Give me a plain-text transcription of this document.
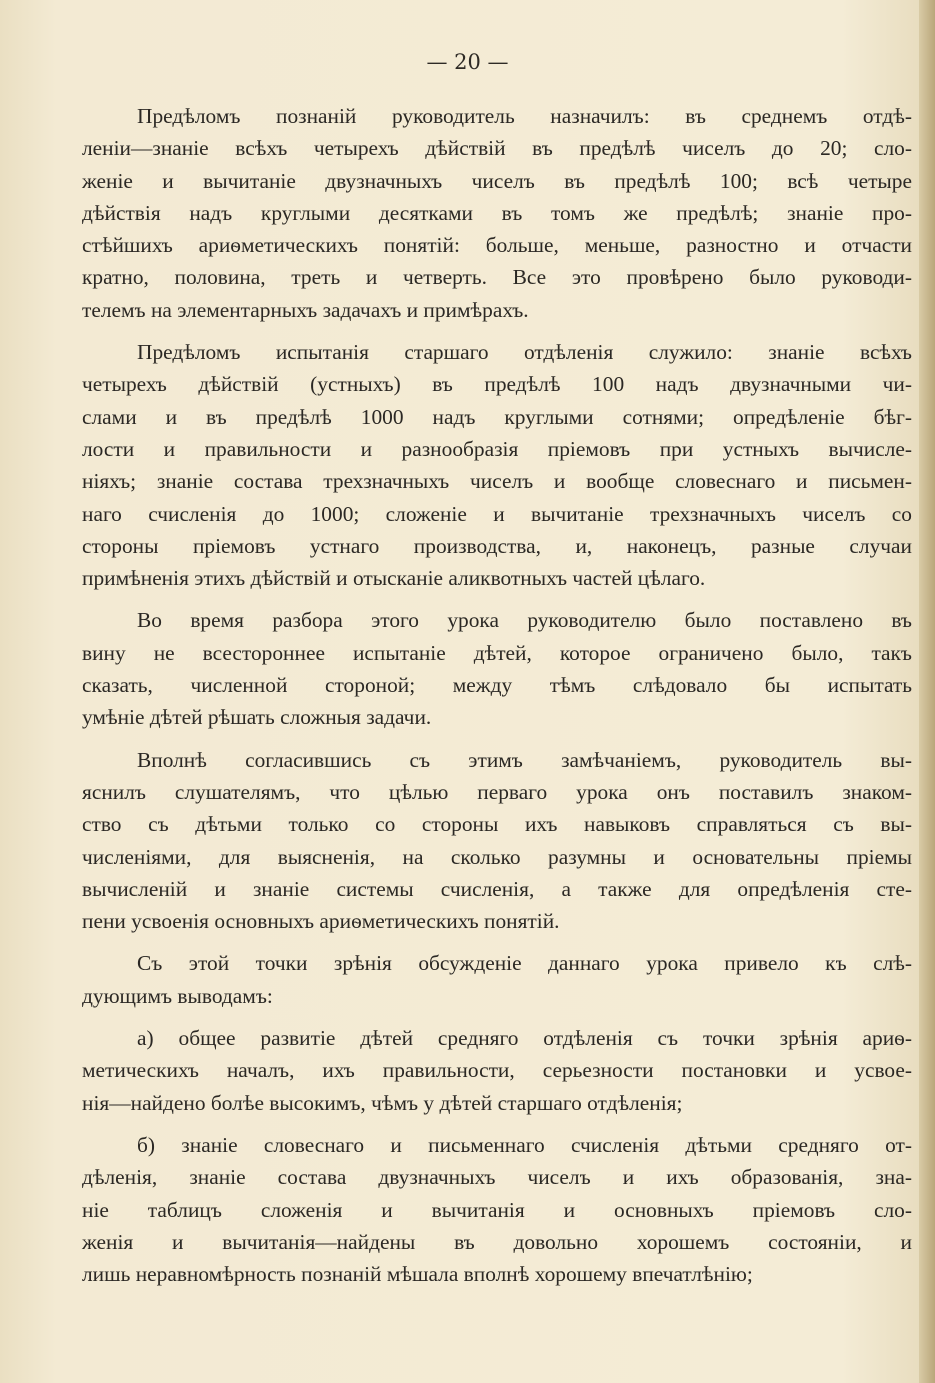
— 20 —
Предѣломъ познаній руководитель назначилъ: въ среднемъ отдѣ-
леніи—знаніе всѣхъ четырехъ дѣйствій въ предѣлѣ чиселъ до 20; сло-
женіе и вычитаніе двузначныхъ чиселъ въ предѣлѣ 100; всѣ четыре
дѣйствія надъ круглыми десятками въ томъ же предѣлѣ; знаніе про-
стѣйшихъ ариѳметическихъ понятій: больше, меньше, разностно и отчасти
кратно, половина, треть и четверть. Все это провѣрено было руководи-
телемъ на элементарныхъ задачахъ и примѣрахъ.
Предѣломъ испытанія старшаго отдѣленія служило: знаніе всѣхъ
четырехъ дѣйствій (устныхъ) въ предѣлѣ 100 надъ двузначными чи-
слами и въ предѣлѣ 1000 надъ круглыми сотнями; опредѣленіе бѣг-
лости и правильности и разнообразія пріемовъ при устныхъ вычисле-
ніяхъ; знаніе состава трехзначныхъ чиселъ и вообще словеснаго и письмен-
наго счисленія до 1000; сложеніе и вычитаніе трехзначныхъ чиселъ со
стороны пріемовъ устнаго производства, и, наконецъ, разные случаи
примѣненія этихъ дѣйствій и отысканіе аликвотныхъ частей цѣлаго.
Во время разбора этого урока руководителю было поставлено въ
вину не всестороннее испытаніе дѣтей, которое ограничено было, такъ
сказать, численной стороной; между тѣмъ слѣдовало бы испытать
умѣніе дѣтей рѣшать сложныя задачи.
Вполнѣ согласившись съ этимъ замѣчаніемъ, руководитель вы-
яснилъ слушателямъ, что цѣлью перваго урока онъ поставилъ знаком-
ство съ дѣтьми только со стороны ихъ навыковъ справляться съ вы-
численіями, для выясненія, на сколько разумны и основательны пріемы
вычисленій и знаніе системы счисленія, а также для опредѣленія сте-
пени усвоенія основныхъ ариѳметическихъ понятій.
Съ этой точки зрѣнія обсужденіе даннаго урока привело къ слѣ-
дующимъ выводамъ:
а) общее развитіе дѣтей средняго отдѣленія съ точки зрѣнія ариѳ-
метическихъ началъ, ихъ правильности, серьезности постановки и усвое-
нія—найдено болѣе высокимъ, чѣмъ у дѣтей старшаго отдѣленія;
б) знаніе словеснаго и письменнаго счисленія дѣтьми средняго от-
дѣленія, знаніе состава двузначныхъ чиселъ и ихъ образованія, зна-
ніе таблицъ сложенія и вычитанія и основныхъ пріемовъ сло-
женія и вычитанія—найдены въ довольно хорошемъ состояніи, и
лишь неравномѣрность познаній мѣшала вполнѣ хорошему впечатлѣнію;
